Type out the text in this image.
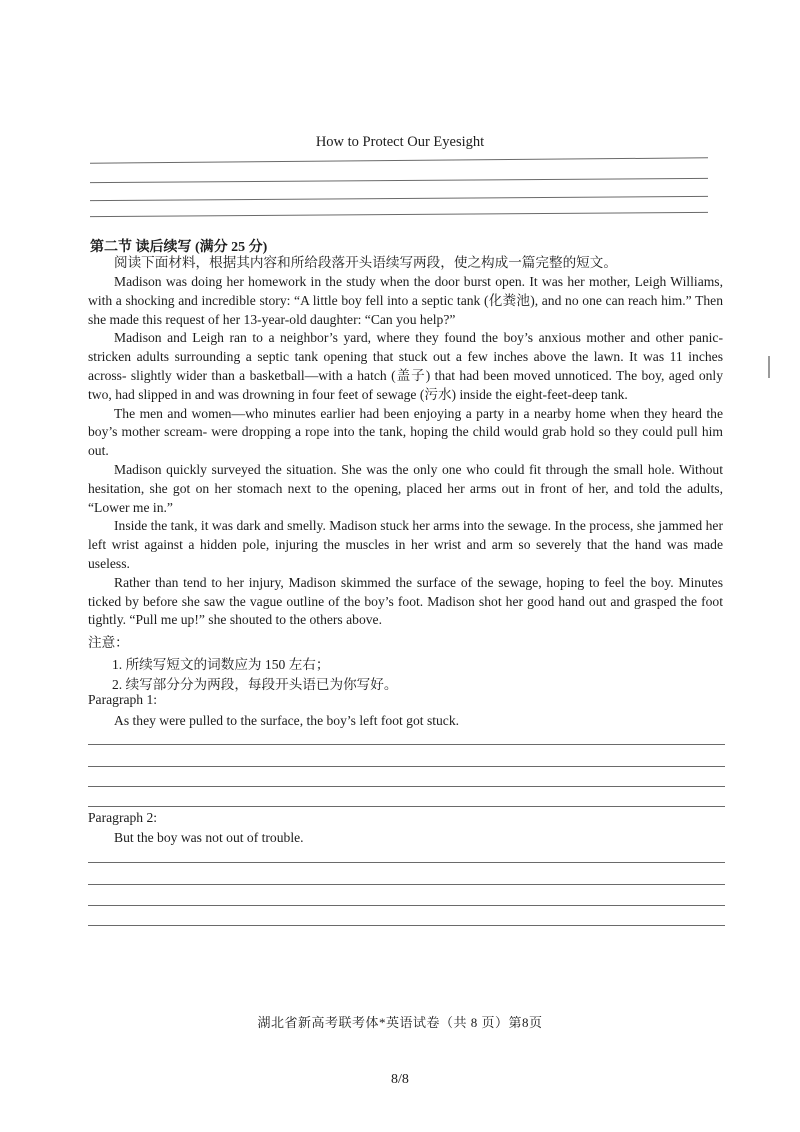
How to Protect Our Eyesight
第二节 读后续写 (满分 25 分)
阅读下面材料，根据其内容和所给段落开头语续写两段，使之构成一篇完整的短文。

Madison was doing her homework in the study when the door burst open. It was her mother, Leigh Williams, with a shocking and incredible story: “A little boy fell into a septic tank (化粪池), and no one can reach him.” Then she made this request of her 13-year-old daughter: “Can you help?”

Madison and Leigh ran to a neighbor’s yard, where they found the boy’s anxious mother and other panic-stricken adults surrounding a septic tank opening that stuck out a few inches above the lawn. It was 11 inches across- slightly wider than a basketball—with a hatch (盖子) that had been moved unnoticed. The boy, aged only two, had slipped in and was drowning in four feet of sewage (污水) inside the eight-feet-deep tank.

The men and women—who minutes earlier had been enjoying a party in a nearby home when they heard the boy’s mother scream- were dropping a rope into the tank, hoping the child would grab hold so they could pull him out.

Madison quickly surveyed the situation. She was the only one who could fit through the small hole. Without hesitation, she got on her stomach next to the opening, placed her arms out in front of her, and told the adults, “Lower me in.”

Inside the tank, it was dark and smelly. Madison stuck her arms into the sewage. In the process, she jammed her left wrist against a hidden pole, injuring the muscles in her wrist and arm so severely that the hand was made useless.

Rather than tend to her injury, Madison skimmed the surface of the sewage, hoping to feel the boy. Minutes ticked by before she saw the vague outline of the boy’s foot. Madison shot her good hand out and grasped the foot tightly. “Pull me up!” she shouted to the others above.

注意：
1. 所续写短文的词数应为 150 左右；
2. 续写部分分为两段，每段开头语已为你写好。
Paragraph 1:
As they were pulled to the surface, the boy’s left foot got stuck.
Paragraph 2:
But the boy was not out of trouble.
湖北省新高考联考体*英语试卷（共 8 页）第8页
8/8
